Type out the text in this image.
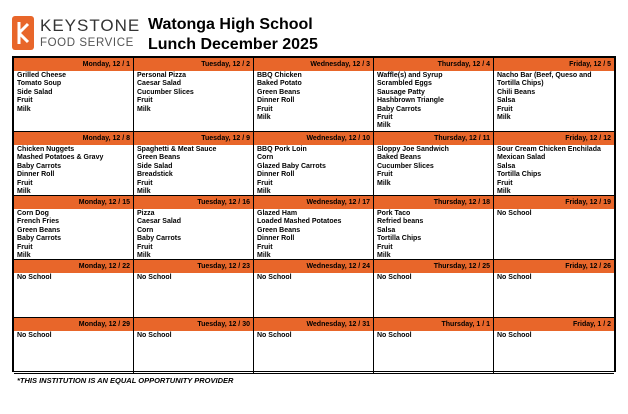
KEYSTONE
FOOD SERVICE
Watonga High School
Lunch December 2025
Monday, 12 / 1
Grilled Cheese
Tomato Soup
Side Salad
Fruit
Milk
Tuesday, 12 / 2
Personal Pizza
Caesar Salad
Cucumber Slices
Fruit
Milk
Wednesday, 12 / 3
BBQ Chicken
Baked Potato
Green Beans
Dinner Roll
Fruit
Milk
Thursday, 12 / 4
Waffle(s) and Syrup
Scrambled Eggs
Sausage Patty
Hashbrown Triangle
Baby Carrots
Fruit
Milk
Friday, 12 / 5
Nacho Bar (Beef, Queso and
Tortilla Chips)
Chili Beans
Salsa
Fruit
Milk
Monday, 12 / 8
Chicken Nuggets
Mashed Potatoes & Gravy
Baby Carrots
Dinner Roll
Fruit
Milk
Tuesday, 12 / 9
Spaghetti & Meat Sauce
Green Beans
Side Salad
Breadstick
Fruit
Milk
Wednesday, 12 / 10
BBQ Pork Loin
Corn
Glazed Baby Carrots
Dinner Roll
Fruit
Milk
Thursday, 12 / 11
Sloppy Joe Sandwich
Baked Beans
Cucumber Slices
Fruit
Milk
Friday, 12 / 12
Sour Cream Chicken Enchilada
Mexican Salad
Salsa
Tortilla Chips
Fruit
Milk
Monday, 12 / 15
Corn Dog
French Fries
Green Beans
Baby Carrots
Fruit
Milk
Tuesday, 12 / 16
Pizza
Caesar Salad
Corn
Baby Carrots
Fruit
Milk
Wednesday, 12 / 17
Glazed Ham
Loaded Mashed Potatoes
Green Beans
Dinner Roll
Fruit
Milk
Thursday, 12 / 18
Pork Taco
Refried beans
Salsa
Tortilla Chips
Fruit
Milk
Friday, 12 / 19
No School
Monday, 12 / 22
No School
Tuesday, 12 / 23
No School
Wednesday, 12 / 24
No School
Thursday, 12 / 25
No School
Friday, 12 / 26
No School
Monday, 12 / 29
No School
Tuesday, 12 / 30
No School
Wednesday, 12 / 31
No School
Thursday, 1 / 1
No School
Friday, 1 / 2
No School
*THIS INSTITUTION IS AN EQUAL OPPORTUNITY PROVIDER
